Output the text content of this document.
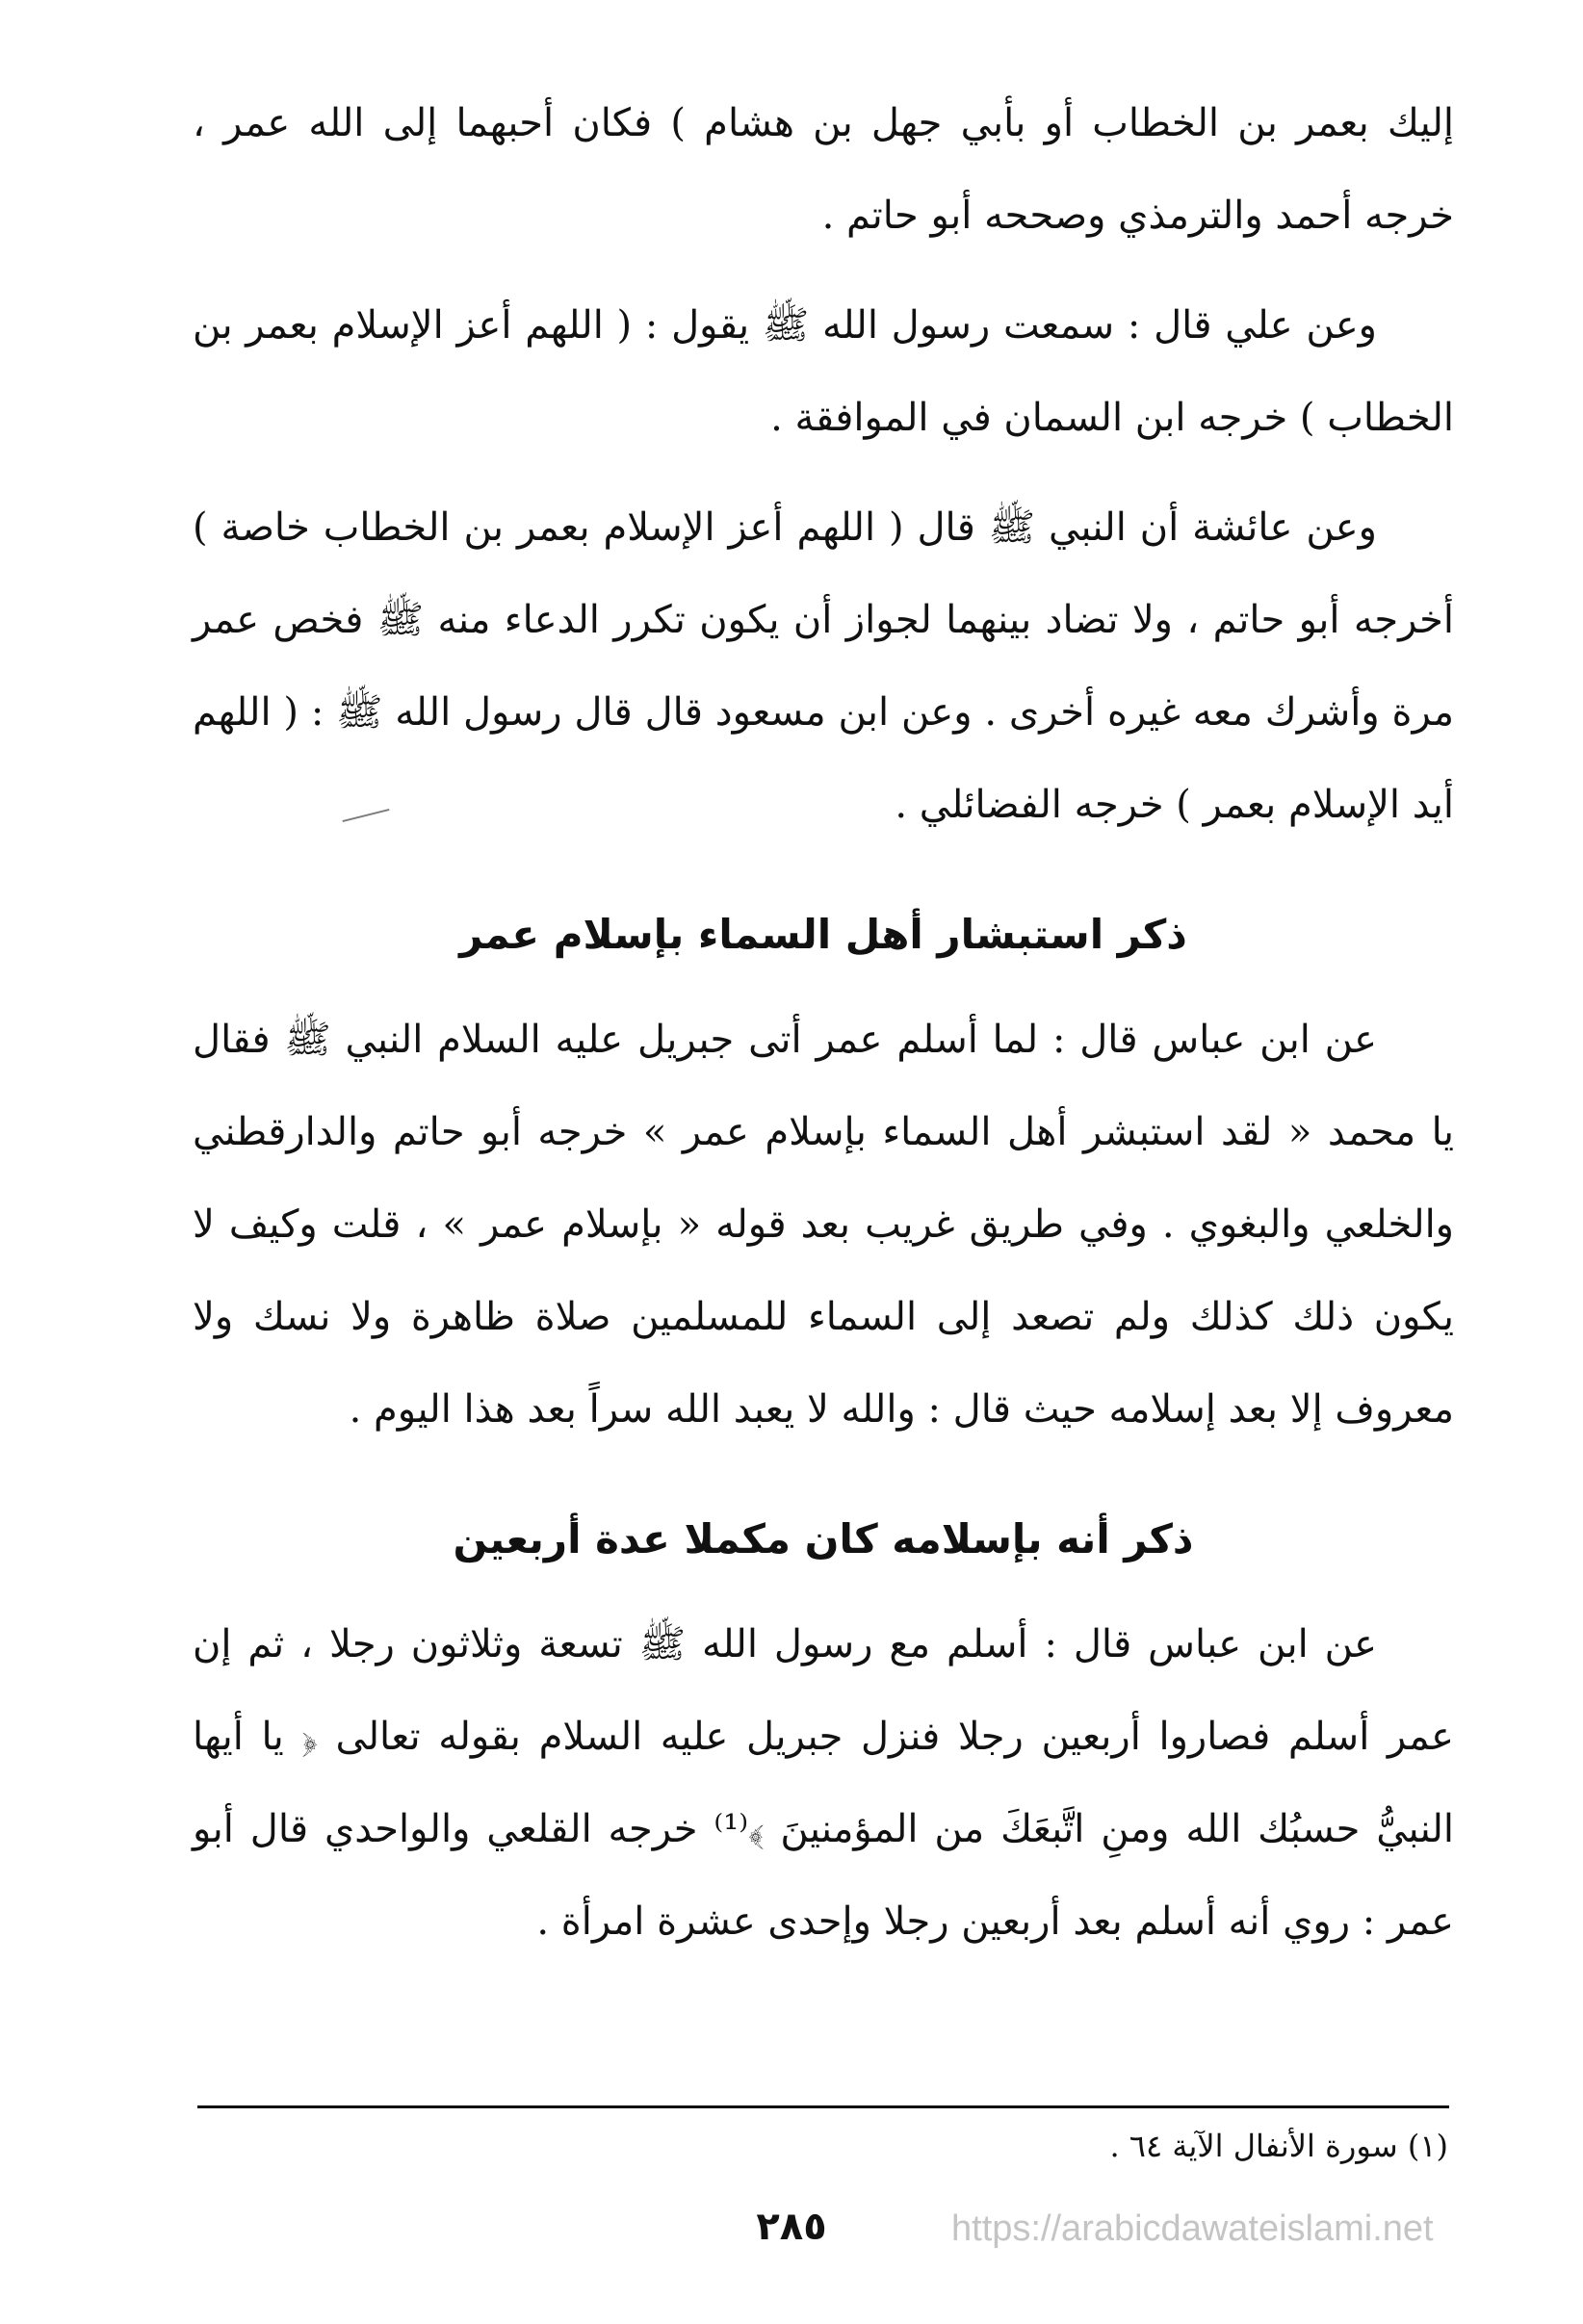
إليك بعمر بن الخطاب أو بأبي جهل بن هشام ) فكان أحبهما إلى الله عمر ، خرجه أحمد والترمذي وصححه أبو حاتم .

وعن علي قال : سمعت رسول الله ﷺ يقول : ( اللهم أعز الإسلام بعمر بن الخطاب ) خرجه ابن السمان في الموافقة .

وعن عائشة أن النبي ﷺ قال ( اللهم أعز الإسلام بعمر بن الخطاب خاصة ) أخرجه أبو حاتم ، ولا تضاد بينهما لجواز أن يكون تكرر الدعاء منه ﷺ فخص عمر مرة وأشرك معه غيره أخرى . وعن ابن مسعود قال قال رسول الله ﷺ : ( اللهم أيد الإسلام بعمر ) خرجه الفضائلي .

ذكر استبشار أهل السماء بإسلام عمر

عن ابن عباس قال : لما أسلم عمر أتى جبريل عليه السلام النبي ﷺ فقال يا محمد « لقد استبشر أهل السماء بإسلام عمر » خرجه أبو حاتم والدارقطني والخلعي والبغوي . وفي طريق غريب بعد قوله « بإسلام عمر » ، قلت وكيف لا يكون ذلك كذلك ولم تصعد إلى السماء للمسلمين صلاة ظاهرة ولا نسك ولا معروف إلا بعد إسلامه حيث قال : والله لا يعبد الله سراً بعد هذا اليوم .

ذكر أنه بإسلامه كان مكملا عدة أربعين

عن ابن عباس قال : أسلم مع رسول الله ﷺ تسعة وثلاثون رجلا ، ثم إن عمر أسلم فصاروا أربعين رجلا فنزل جبريل عليه السلام بقوله تعالى ﴿ يا أيها النبيُّ حسبُك الله ومنِ اتَّبعَكَ من المؤمنينَ ﴾⁽¹⁾ خرجه القلعي والواحدي قال أبو عمر : روي أنه أسلم بعد أربعين رجلا وإحدى عشرة امرأة .

(١) سورة الأنفال الآية ٦٤ .
٢٨٥	https://arabicdawateislami.net
